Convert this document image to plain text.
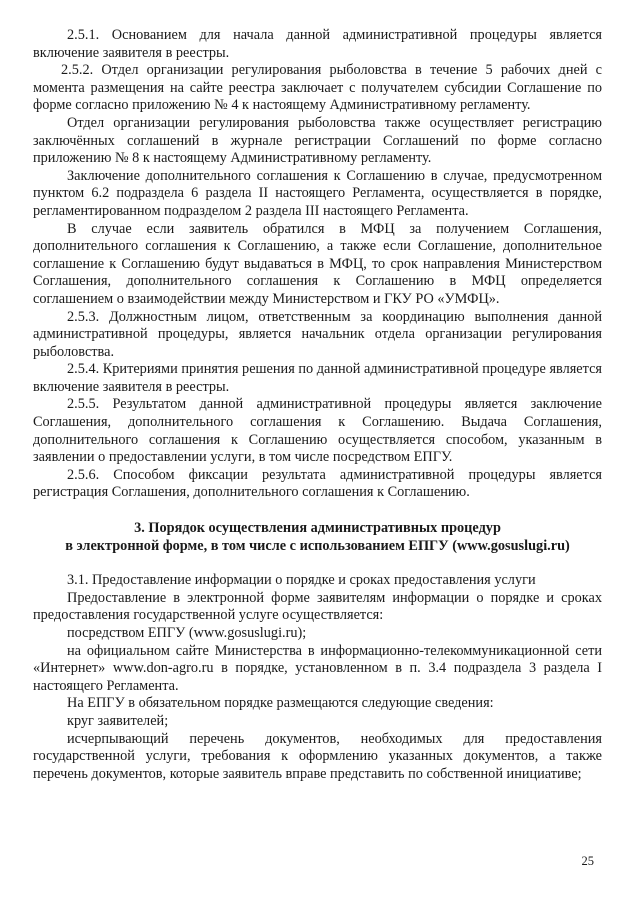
2.5.1. Основанием для начала данной административной процедуры является включение заявителя в реестры.

2.5.2. Отдел организации регулирования рыболовства в течение 5 рабочих дней с момента размещения на сайте реестра заключает с получателем субсидии Соглашение по форме согласно приложению № 4 к настоящему Административному регламенту.

Отдел организации регулирования рыболовства также осуществляет регистрацию заключённых соглашений в журнале регистрации Соглашений по форме согласно приложению № 8 к настоящему Административному регламенту.

Заключение дополнительного соглашения к Соглашению в случае, предусмотренном пунктом 6.2 подраздела 6 раздела II настоящего Регламента, осуществляется в порядке, регламентированном подразделом 2 раздела III настоящего Регламента.

В случае если заявитель обратился в МФЦ за получением Соглашения, дополнительного соглашения к Соглашению, а также если Соглашение, дополнительное соглашение к Соглашению будут выдаваться в МФЦ, то срок направления Министерством Соглашения, дополнительного соглашения к Соглашению в МФЦ определяется соглашением о взаимодействии между Министерством и ГКУ РО «УМФЦ».

2.5.3. Должностным лицом, ответственным за координацию выполнения данной административной процедуры, является начальник отдела организации регулирования рыболовства.

2.5.4. Критериями принятия решения по данной административной процедуре является включение заявителя в реестры.

2.5.5. Результатом данной административной процедуры является заключение Соглашения, дополнительного соглашения к Соглашению. Выдача Соглашения, дополнительного соглашения к Соглашению осуществляется способом, указанным в заявлении о предоставлении услуги, в том числе посредством ЕПГУ.

2.5.6. Способом фиксации результата административной процедуры является регистрация Соглашения, дополнительного соглашения к Соглашению.

3. Порядок осуществления административных процедур
в электронной форме, в том числе с использованием ЕПГУ (www.gosuslugi.ru)

3.1. Предоставление информации о порядке и сроках предоставления услуги

Предоставление в электронной форме заявителям информации о порядке и сроках предоставления государственной услуге осуществляется:

посредством ЕПГУ (www.gosuslugi.ru);

на официальном сайте Министерства в информационно-телекоммуникационной сети «Интернет» www.don-agro.ru в порядке, установленном в п. 3.4 подраздела 3 раздела I настоящего Регламента.

На ЕПГУ в обязательном порядке размещаются следующие сведения:

круг заявителей;

исчерпывающий перечень документов, необходимых для предоставления государственной услуги, требования к оформлению указанных документов, а также перечень документов, которые заявитель вправе представить по собственной инициативе;

25
